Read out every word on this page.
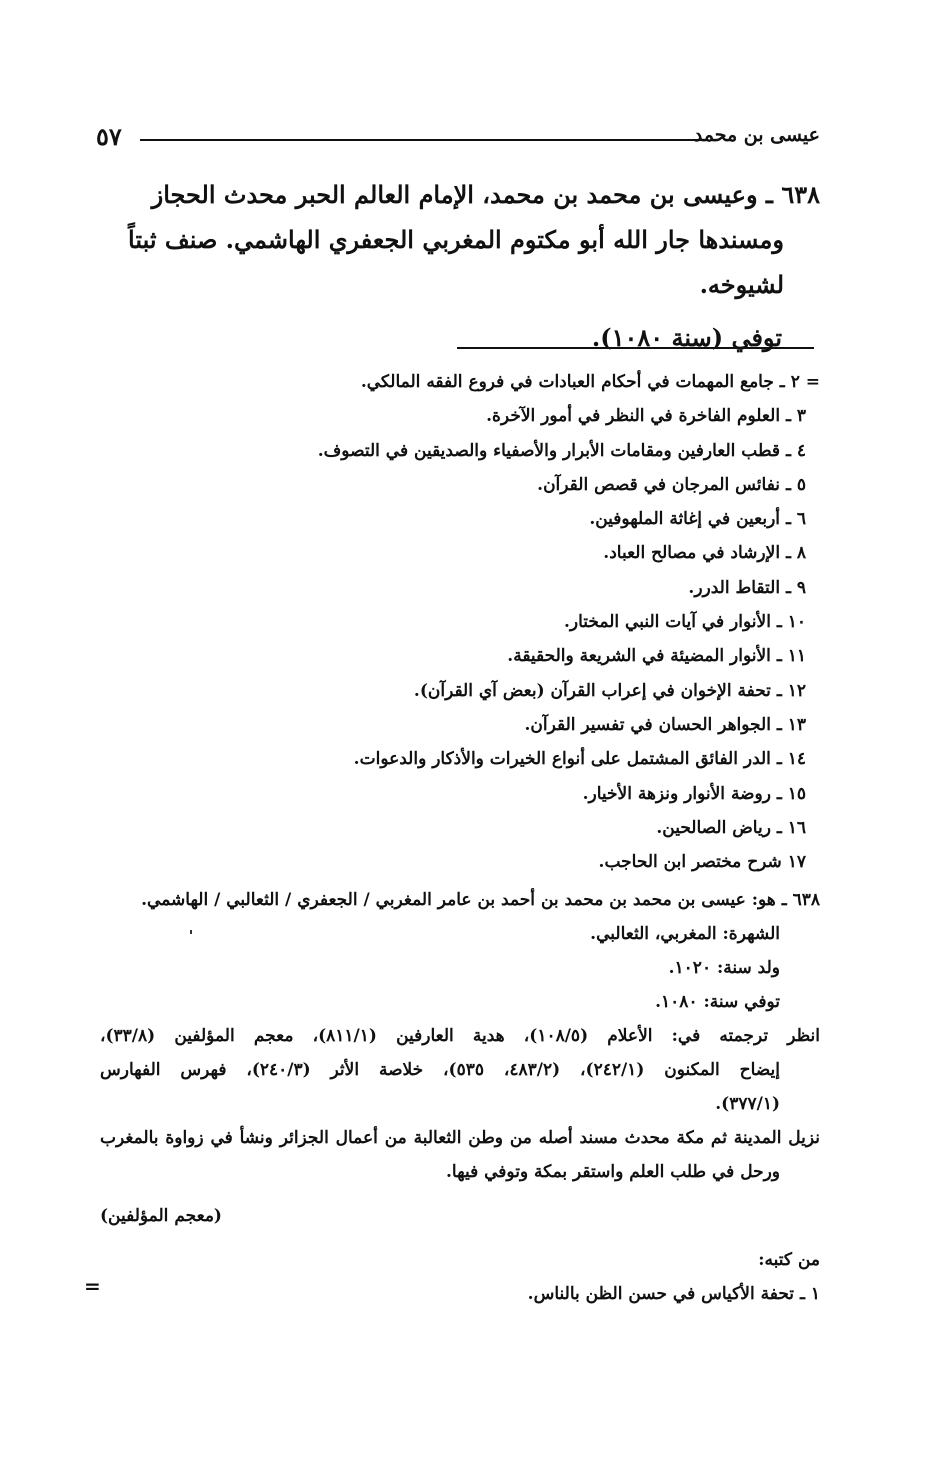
٥٧	عيسى بن محمد
٦٣٨ ـ وعيسى بن محمد بن محمد، الإمام العالم الحبر محدث الحجاز
ومسندها جار الله أبو مكتوم المغربي الجعفري الهاشمي. صنف ثبتاً
لشيوخه.
توفي (سنة ١٠٨٠).
= ٢ ـ جامع المهمات في أحكام العبادات في فروع الفقه المالكي.
٣ ـ العلوم الفاخرة في النظر في أمور الآخرة.
٤ ـ قطب العارفين ومقامات الأبرار والأصفياء والصديقين في التصوف.
٥ ـ نفائس المرجان في قصص القرآن.
٦ ـ أربعين في إغاثة الملهوفين.
٨ ـ الإرشاد في مصالح العباد.
٩ ـ التقاط الدرر.
١٠ ـ الأنوار في آيات النبي المختار.
١١ ـ الأنوار المضيئة في الشريعة والحقيقة.
١٢ ـ تحفة الإخوان في إعراب القرآن (بعض آي القرآن).
١٣ ـ الجواهر الحسان في تفسير القرآن.
١٤ ـ الدر الفائق المشتمل على أنواع الخيرات والأذكار والدعوات.
١٥ ـ روضة الأنوار ونزهة الأخيار.
١٦ ـ رياض الصالحين.
١٧ شرح مختصر ابن الحاجب.
٦٣٨ ـ هو: عيسى بن محمد بن محمد بن أحمد بن عامر المغربي / الجعفري / الثعالبي / الهاشمي.
الشهرة: المغربي، الثعالبي.
ولد سنة: ١٠٢٠.
توفي سنة: ١٠٨٠.
انظر ترجمته في: الأعلام (١٠٨/٥)، هدية العارفين (٨١١/١)، معجم المؤلفين (٣٣/٨)،
إيضاح المكنون (٢٤٢/١)، (٤٨٣/٢، ٥٣٥)، خلاصة الأثر (٢٤٠/٣)، فهرس الفهارس
(٣٧٧/١).
نزيل المدينة ثم مكة محدث مسند أصله من وطن الثعالبة من أعمال الجزائر ونشأ في زواوة بالمغرب
ورحل في طلب العلم واستقر بمكة وتوفي فيها.
(معجم المؤلفين)
من كتبه:
١ ـ تحفة الأكياس في حسن الظن بالناس.
=
